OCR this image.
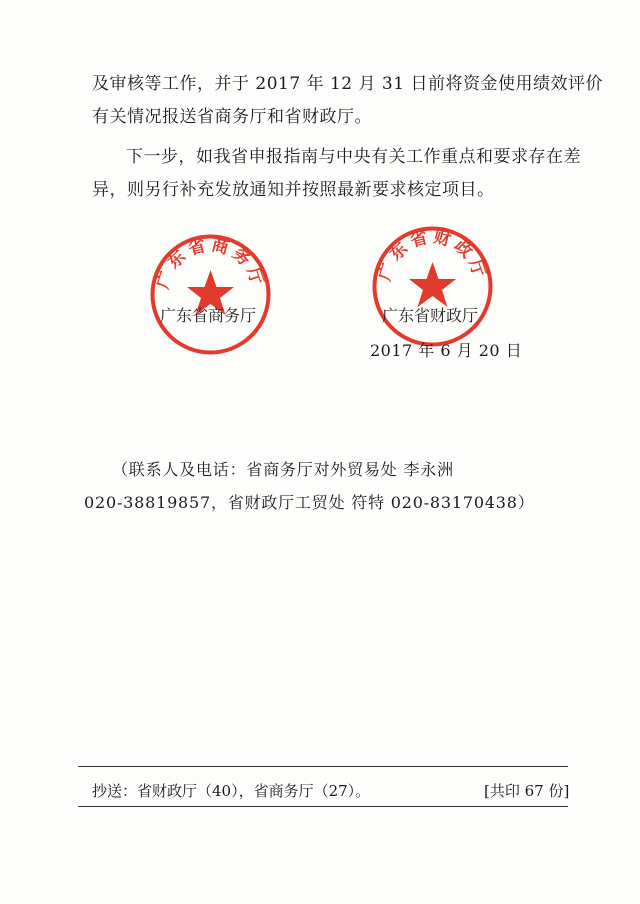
及审核等工作，并于 2017 年 12 月 31 日前将资金使用绩效评价
有关情况报送省商务厅和省财政厅。
下一步，如我省申报指南与中央有关工作重点和要求存在差
异，则另行补充发放通知并按照最新要求核定项目。
广东省商务厅
广东省商务厅
广东省财政厅
广东省财政厅
2017 年 6 月 20 日
（联系人及电话：省商务厅对外贸易处 李永洲
020-38819857，省财政厅工贸处 符特 020-83170438）
抄送：省财政厅（40），省商务厅（27）。	[共印 67 份]
